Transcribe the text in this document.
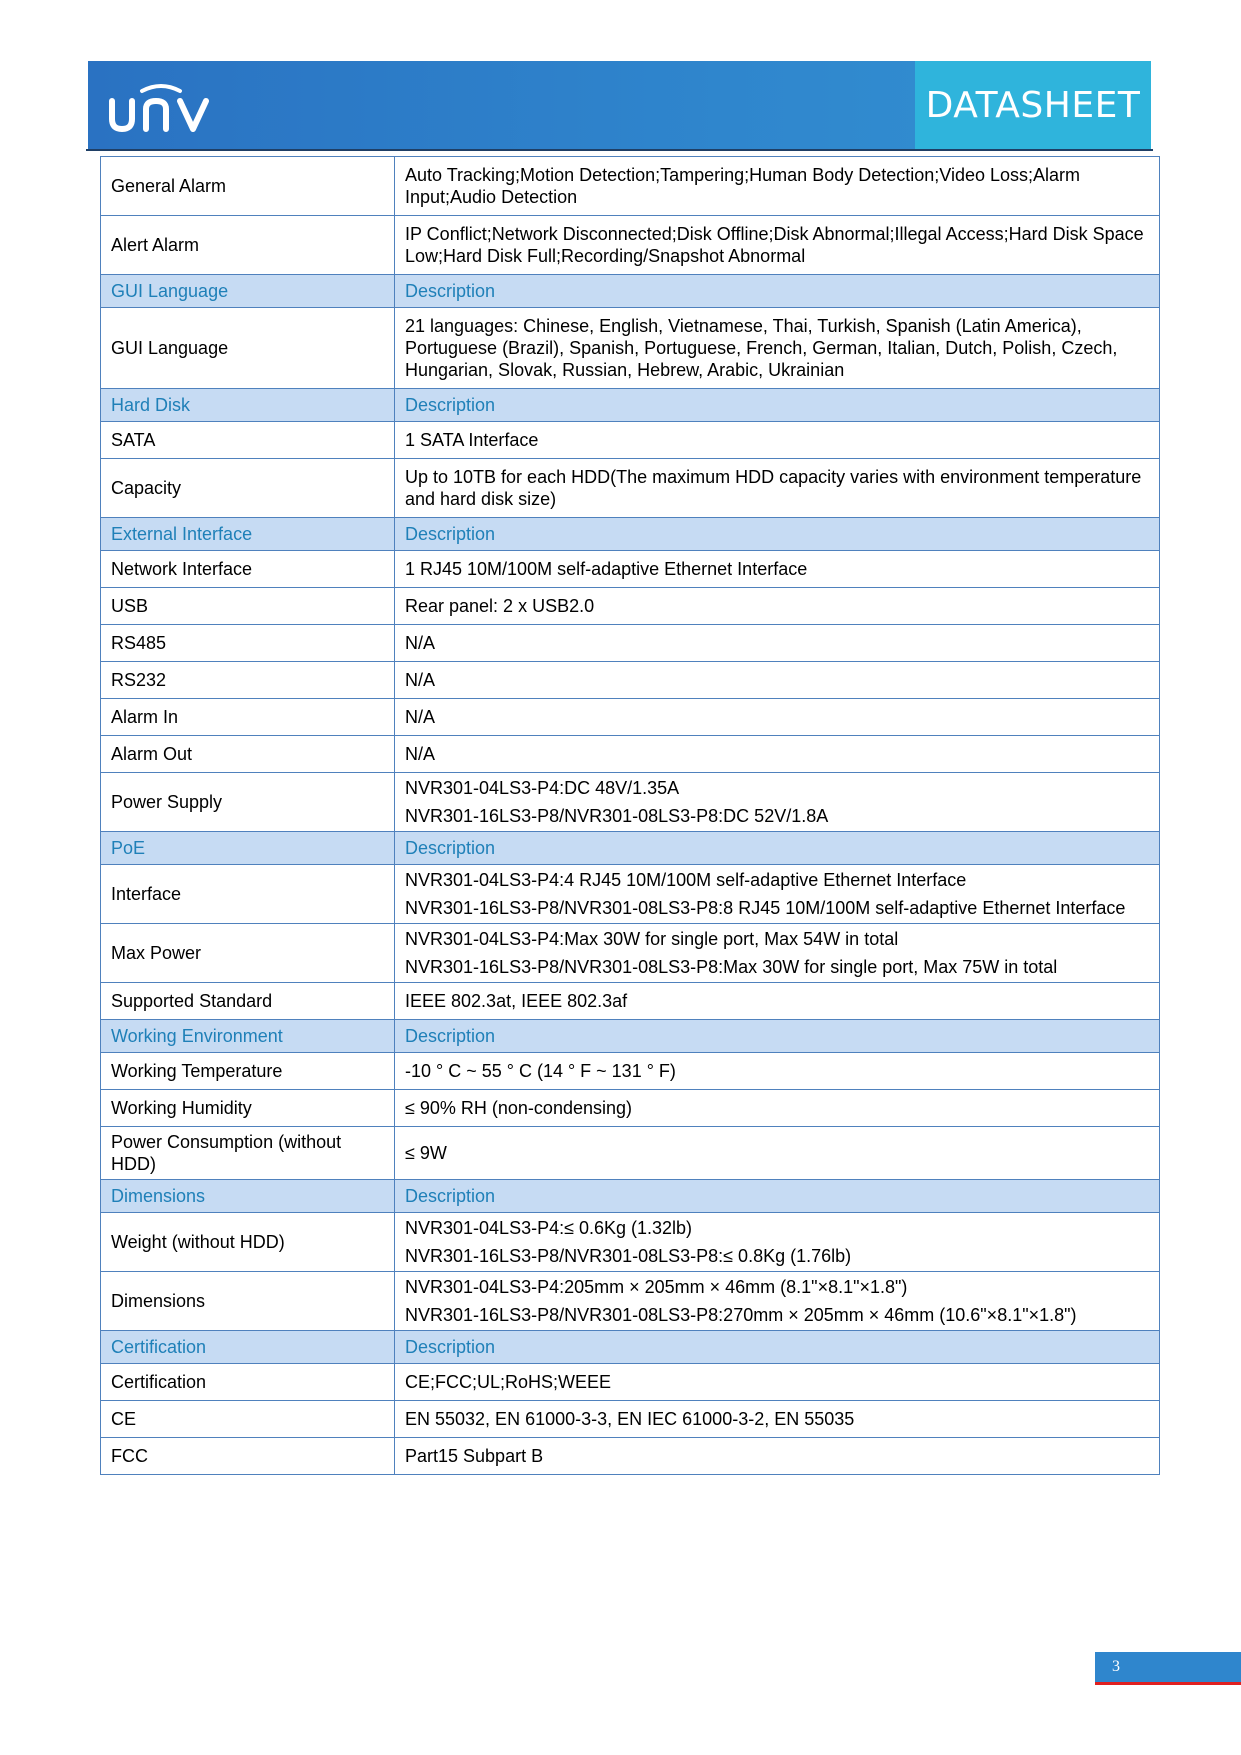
DATASHEET
General Alarm	Auto Tracking;Motion Detection;Tampering;Human Body Detection;Video Loss;Alarm Input;Audio Detection

Alert Alarm	IP Conflict;Network Disconnected;Disk Offline;Disk Abnormal;Illegal Access;Hard Disk Space Low;Hard Disk Full;Recording/Snapshot Abnormal

GUI Language	Description
GUI Language	21 languages: Chinese, English, Vietnamese, Thai, Turkish, Spanish (Latin America), Portuguese (Brazil), Spanish, Portuguese, French, German, Italian, Dutch, Polish, Czech, Hungarian, Slovak, Russian, Hebrew, Arabic, Ukrainian

Hard Disk	Description
SATA	1 SATA Interface

Capacity	Up to 10TB for each HDD(The maximum HDD capacity varies with environment temperature and hard disk size)

External Interface	Description
Network Interface	1 RJ45 10M/100M self-adaptive Ethernet Interface

USB	Rear panel: 2 x USB2.0

RS485	N/A

RS232	N/A

Alarm In	N/A

Alarm Out	N/A

Power Supply	NVR301-04LS3-P4:DC 48V/1.35A
NVR301-16LS3-P8/NVR301-08LS3-P8:DC 52V/1.8A

PoE	Description
Interface	NVR301-04LS3-P4:4 RJ45 10M/100M self-adaptive Ethernet Interface
NVR301-16LS3-P8/NVR301-08LS3-P8:8 RJ45 10M/100M self-adaptive Ethernet Interface

Max Power	NVR301-04LS3-P4:Max 30W for single port, Max 54W in total
NVR301-16LS3-P8/NVR301-08LS3-P8:Max 30W for single port, Max 75W in total

Supported Standard	IEEE 802.3at, IEEE 802.3af

Working Environment	Description
Working Temperature	-10 ° C ~ 55 ° C (14 ° F ~ 131 ° F)

Working Humidity	≤ 90% RH (non-condensing)

Power Consumption (without HDD)	≤ 9W

Dimensions	Description
Weight (without HDD)	NVR301-04LS3-P4:≤ 0.6Kg (1.32lb)
NVR301-16LS3-P8/NVR301-08LS3-P8:≤ 0.8Kg (1.76lb)

Dimensions	NVR301-04LS3-P4:205mm × 205mm × 46mm (8.1"×8.1"×1.8")
NVR301-16LS3-P8/NVR301-08LS3-P8:270mm × 205mm × 46mm (10.6"×8.1"×1.8")

Certification	Description
Certification	CE;FCC;UL;RoHS;WEEE

CE	EN 55032, EN 61000-3-3, EN IEC 61000-3-2, EN 55035

FCC	Part15 Subpart B
3
